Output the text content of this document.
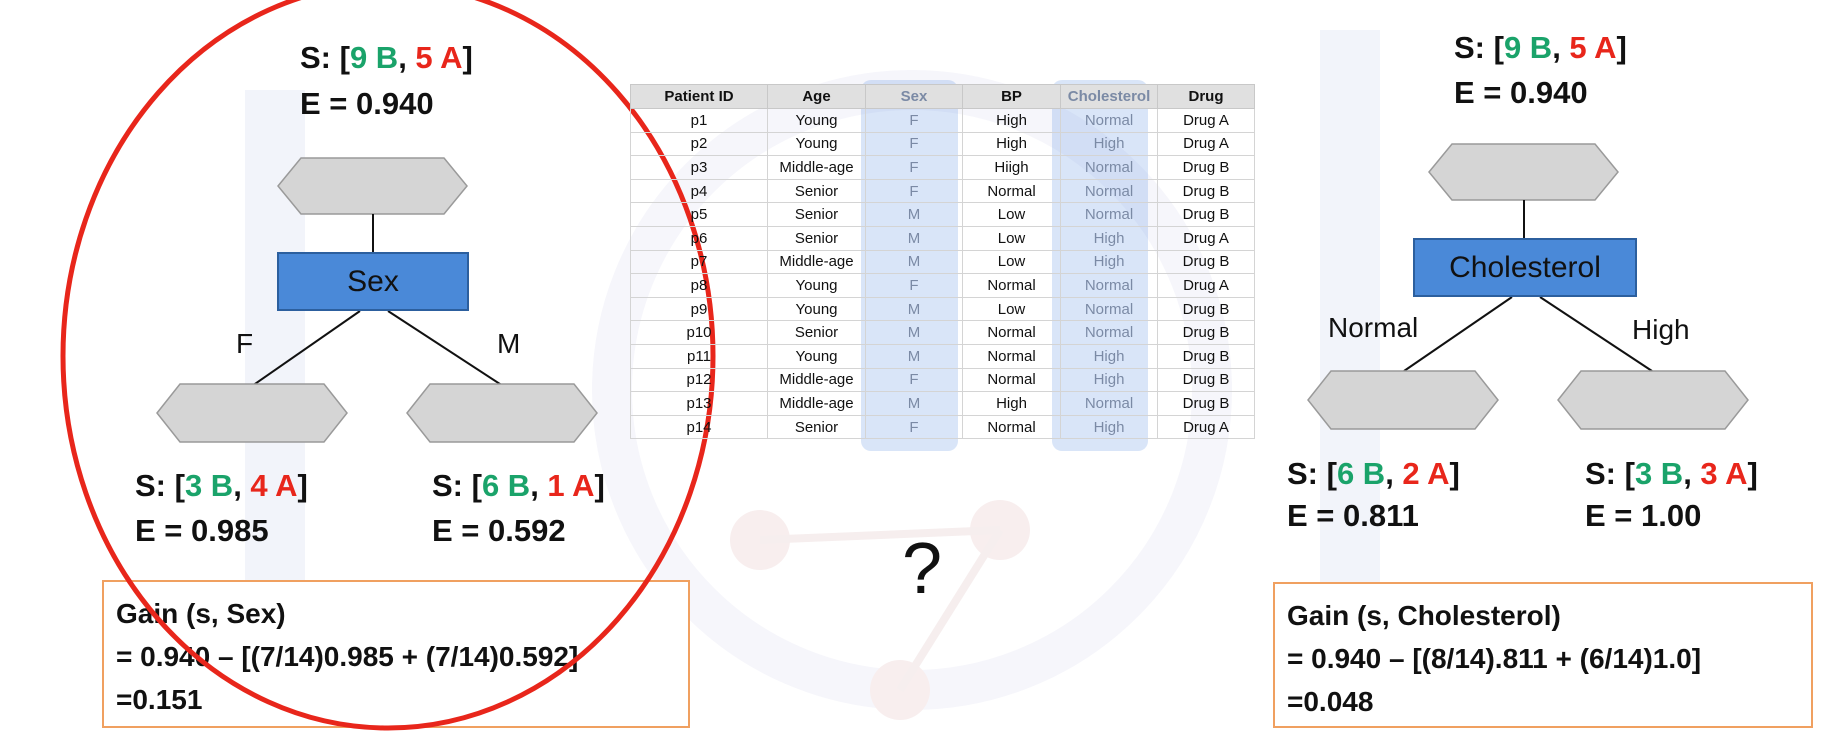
S: [9 B, 5 A]
E = 0.940
Sex
F	M
S: [3 B, 4 A]
E = 0.985
S: [6 B, 1 A]
E = 0.592
Gain (s, Sex)
= 0.940 – [(7/14)0.985 + (7/14)0.592]
=0.151
Patient ID	Age	Sex	BP	Cholesterol	Drug
p1	Young	F	High	Normal	Drug A
p2	Young	F	High	High	Drug A
p3	Middle-age	F	Hiigh	Normal	Drug B
p4	Senior	F	Normal	Normal	Drug B
p5	Senior	M	Low	Normal	Drug B
p6	Senior	M	Low	High	Drug A
p7	Middle-age	M	Low	High	Drug B
p8	Young	F	Normal	Normal	Drug A
p9	Young	M	Low	Normal	Drug B
p10	Senior	M	Normal	Normal	Drug B
p11	Young	M	Normal	High	Drug B
p12	Middle-age	F	Normal	High	Drug B
p13	Middle-age	M	High	Normal	Drug B
p14	Senior	F	Normal	High	Drug A
?
S: [9 B, 5 A]
E = 0.940
Cholesterol
Normal	High
S: [6 B, 2 A]
E = 0.811
S: [3 B, 3 A]
E = 1.00
Gain (s, Cholesterol)
= 0.940 – [(8/14).811 + (6/14)1.0]
=0.048
